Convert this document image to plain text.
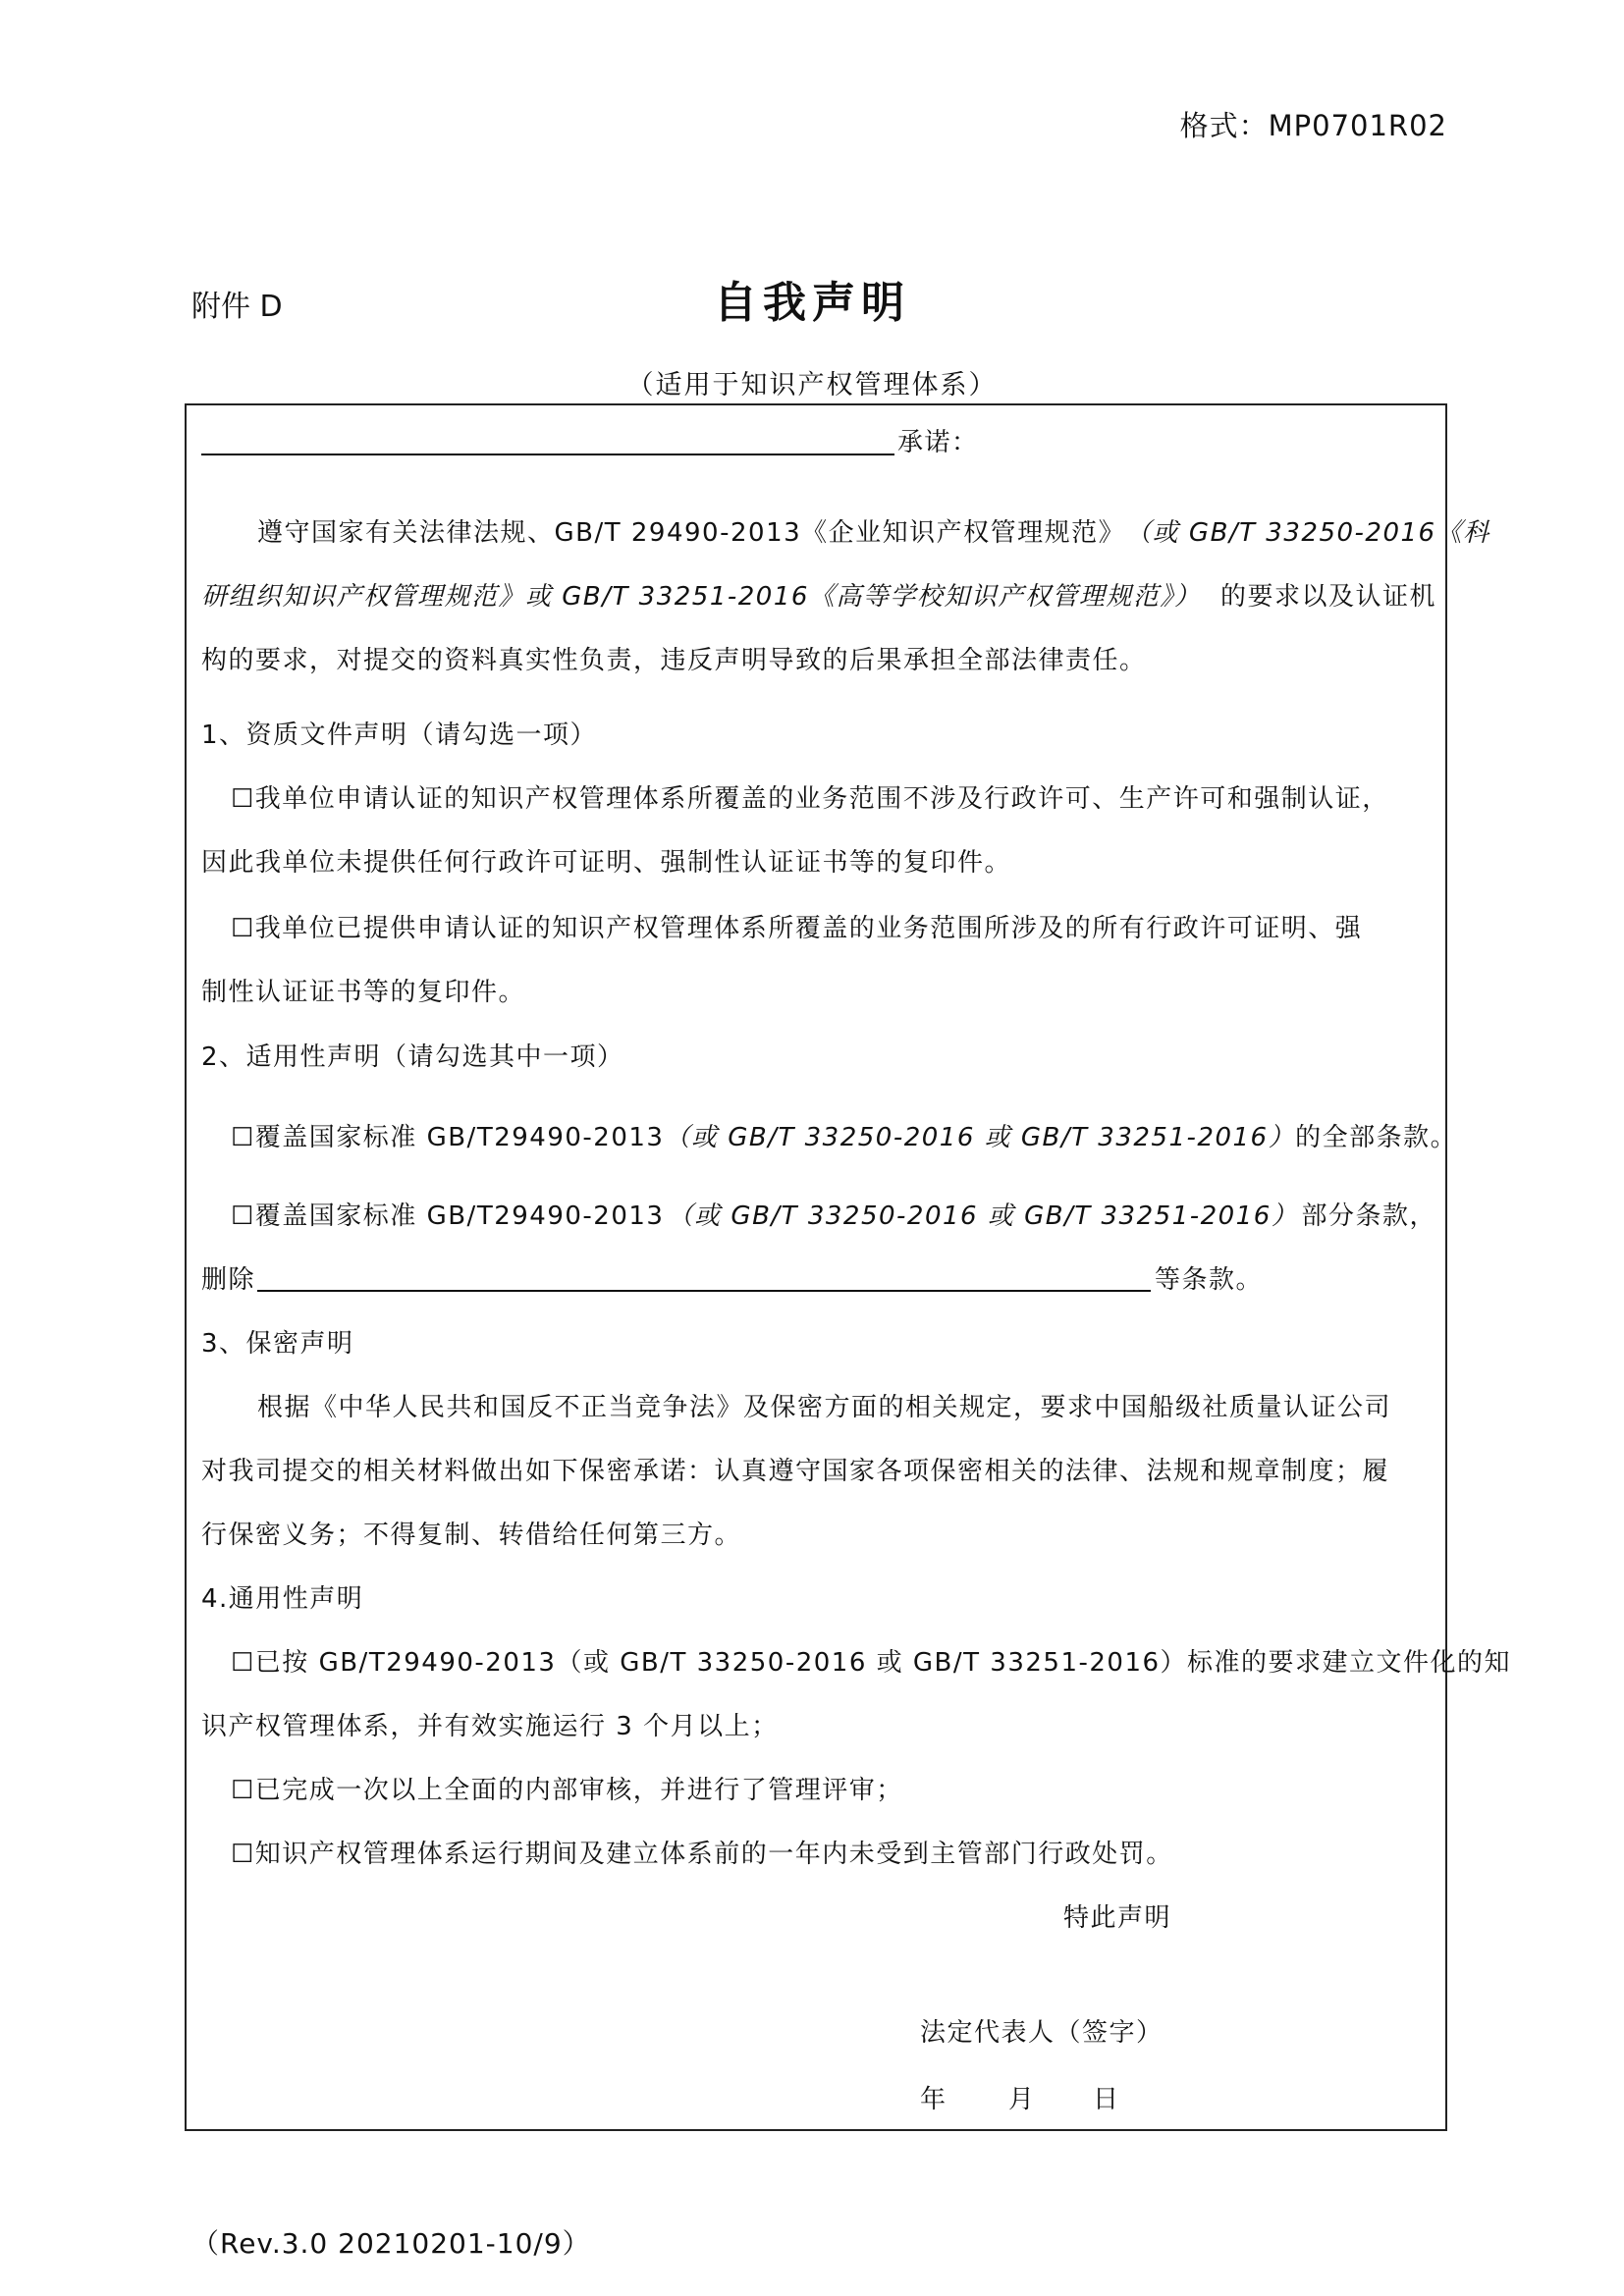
格式：MP0701R02
附件 D	自我声明
（适用于知识产权管理体系）
承诺：
遵守国家有关法律法规、GB/T 29490-2013《企业知识产权管理规范》 （或 GB/T 33250-2016《科
研组织知识产权管理规范》或 GB/T 33251-2016《高等学校知识产权管理规范》） 的要求以及认证机
构的要求，对提交的资料真实性负责，违反声明导致的后果承担全部法律责任。
1、资质文件声明（请勾选一项）
☐我单位申请认证的知识产权管理体系所覆盖的业务范围不涉及行政许可、生产许可和强制认证，
因此我单位未提供任何行政许可证明、强制性认证证书等的复印件。
☐我单位已提供申请认证的知识产权管理体系所覆盖的业务范围所涉及的所有行政许可证明、强
制性认证证书等的复印件。
2、适用性声明（请勾选其中一项）
☐覆盖国家标准 GB/T29490-2013（或 GB/T 33250-2016 或 GB/T 33251-2016）的全部条款。
☐覆盖国家标准 GB/T29490-2013 （或 GB/T 33250-2016 或 GB/T 33251-2016） 部分条款，
删除	等条款。
3、保密声明
根据《中华人民共和国反不正当竞争法》及保密方面的相关规定，要求中国船级社质量认证公司
对我司提交的相关材料做出如下保密承诺：认真遵守国家各项保密相关的法律、法规和规章制度；履
行保密义务；不得复制、转借给任何第三方。
4.通用性声明
☐已按 GB/T29490-2013（或 GB/T 33250-2016 或 GB/T 33251-2016）标准的要求建立文件化的知
识产权管理体系，并有效实施运行 3 个月以上；
☐已完成一次以上全面的内部审核，并进行了管理评审；
☐知识产权管理体系运行期间及建立体系前的一年内未受到主管部门行政处罚。
特此声明
法定代表人（签字）
年 月 日
（Rev.3.0 20210201-10/9）
